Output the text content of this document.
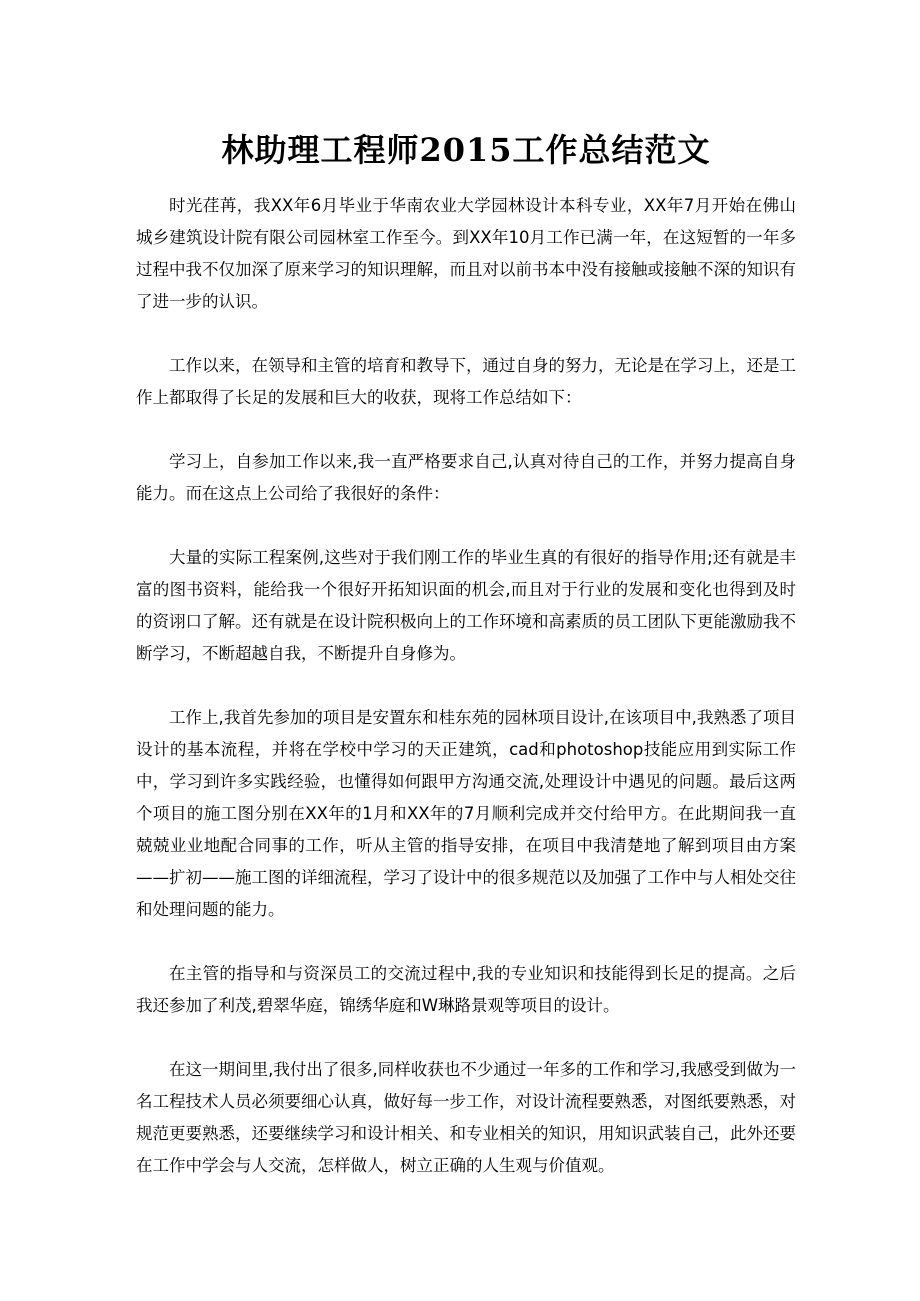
林助理工程师2015工作总结范文

时光荏苒，我XX年6月毕业于华南农业大学园林设计本科专业，XX年7月开始在佛山城乡建筑设计院有限公司园林室工作至今。到XX年10月工作已满一年，在这短暂的一年多过程中我不仅加深了原来学习的知识理解，而且对以前书本中没有接触或接触不深的知识有了进一步的认识。

工作以来，在领导和主管的培育和教导下，通过自身的努力，无论是在学习上，还是工作上都取得了长足的发展和巨大的收获，现将工作总结如下：

学习上，自参加工作以来,我一直严格要求自己,认真对待自己的工作，并努力提高自身能力。而在这点上公司给了我很好的条件：

大量的实际工程案例,这些对于我们刚工作的毕业生真的有很好的指导作用;还有就是丰富的图书资料，能给我一个很好开拓知识面的机会,而且对于行业的发展和变化也得到及时的资诩口了解。还有就是在设计院积极向上的工作环境和高素质的员工团队下更能激励我不断学习，不断超越自我，不断提升自身修为。

工作上,我首先参加的项目是安置东和桂东苑的园林项目设计,在该项目中,我熟悉了项目设计的基本流程，并将在学校中学习的天正建筑，cad和photoshop技能应用到实际工作中，学习到许多实践经验，也懂得如何跟甲方沟通交流,处理设计中遇见的问题。最后这两个项目的施工图分别在XX年的1月和XX年的7月顺利完成并交付给甲方。在此期间我一直兢兢业业地配合同事的工作，听从主管的指导安排，在项目中我清楚地了解到项目由方案——扩初——施工图的详细流程，学习了设计中的很多规范以及加强了工作中与人相处交往和处理问题的能力。

在主管的指导和与资深员工的交流过程中,我的专业知识和技能得到长足的提高。之后我还参加了利茂,碧翠华庭，锦绣华庭和W琳路景观等项目的设计。

在这一期间里,我付出了很多,同样收获也不少通过一年多的工作和学习,我感受到做为一名工程技术人员必须要细心认真，做好每一步工作，对设计流程要熟悉，对图纸要熟悉，对规范更要熟悉，还要继续学习和设计相关、和专业相关的知识，用知识武装自己，此外还要在工作中学会与人交流，怎样做人，树立正确的人生观与价值观。
